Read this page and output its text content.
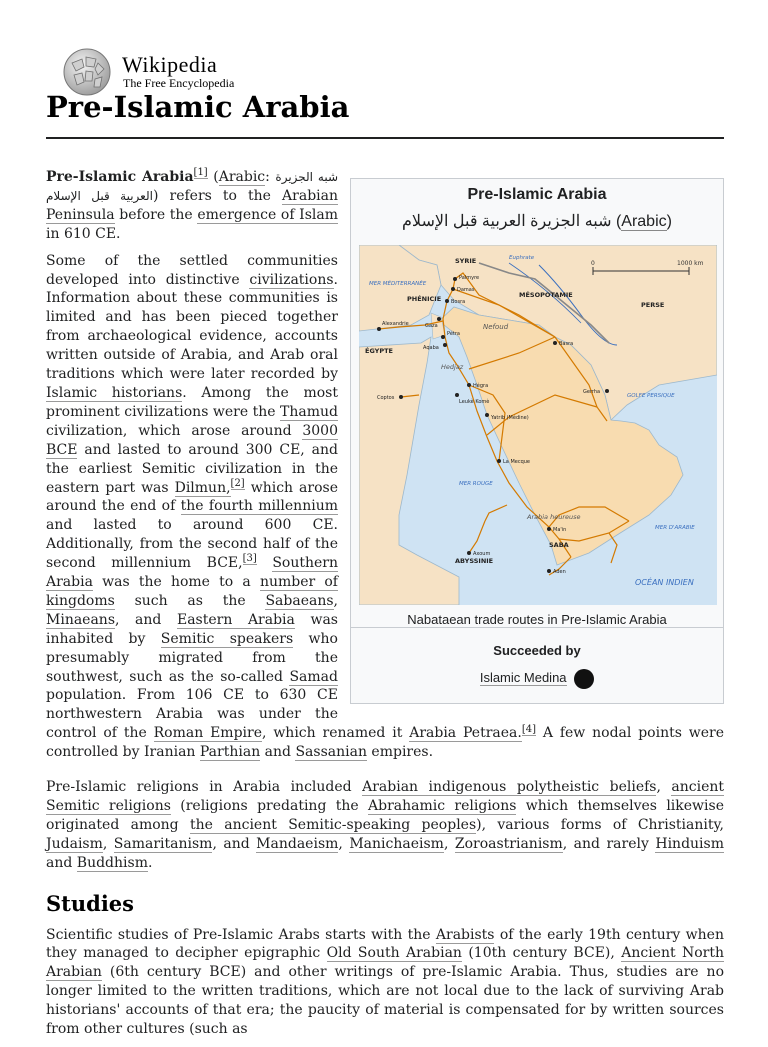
Wikipedia
The Free Encyclopedia
Pre-Islamic Arabia
Pre-Islamic Arabia
شبه الجزيرة العربية قبل الإسلام (Arabic)
0	1000 km
SYRIE
PHÉNICIE	MÉSOPOTAMIE
PERSE
ÉGYPTE
ABYSSINIE
SABA
MER MÉDITERRANÉE
MER ROUGE
GOLFE PERSIQUE
MER D'ARABIE
OCÉAN INDIEN
Nefoud
Hedjaz
Arabia heureuse
Euphrate
Palmyre
Damas
Bosra
Gaza
Pétra
Aqaba
Alexandrie
Coptos
Hégra
Leukè Komè
Yatrib (Médine)
La Mecque
Basra
Gerrha
Ma'in
Axoum
Aden
Nabataean trade routes in Pre-Islamic Arabia
Succeeded by
Islamic Medina

Pre-Islamic Arabia[1] (Arabic: شبه الجزيرة العربية قبل الإسلام) refers to the Arabian Peninsula before the emergence of Islam in 610 CE.

Some of the settled communities developed into distinctive civilizations. Information about these communities is limited and has been pieced together from archaeological evidence, accounts written outside of Arabia, and Arab oral traditions which were later recorded by Islamic historians. Among the most prominent civilizations were the Thamud civilization, which arose around 3000 BCE and lasted to around 300 CE, and the earliest Semitic civilization in the eastern part was Dilmun,[2] which arose around the end of the fourth millennium and lasted to around 600 CE. Additionally, from the second half of the second millennium BCE,[3] Southern Arabia was the home to a number of kingdoms such as the Sabaeans, Minaeans, and Eastern Arabia was inhabited by Semitic speakers who presumably migrated from the southwest, such as the so-called Samad population. From 106 CE to 630 CE northwestern Arabia was under the control of the Roman Empire, which renamed it Arabia Petraea.[4] A few nodal points were controlled by Iranian Parthian and Sassanian empires.

Pre-Islamic religions in Arabia included Arabian indigenous polytheistic beliefs, ancient Semitic religions (religions predating the Abrahamic religions which themselves likewise originated among the ancient Semitic-speaking peoples), various forms of Christianity, Judaism, Samaritanism, and Mandaeism, Manichaeism, Zoroastrianism, and rarely Hinduism and Buddhism.

Studies

Scientific studies of Pre-Islamic Arabs starts with the Arabists of the early 19th century when they managed to decipher epigraphic Old South Arabian (10th century BCE), Ancient North Arabian (6th century BCE) and other writings of pre-Islamic Arabia. Thus, studies are no longer limited to the written traditions, which are not local due to the lack of surviving Arab historians' accounts of that era; the paucity of material is compensated for by written sources from other cultures (such as
